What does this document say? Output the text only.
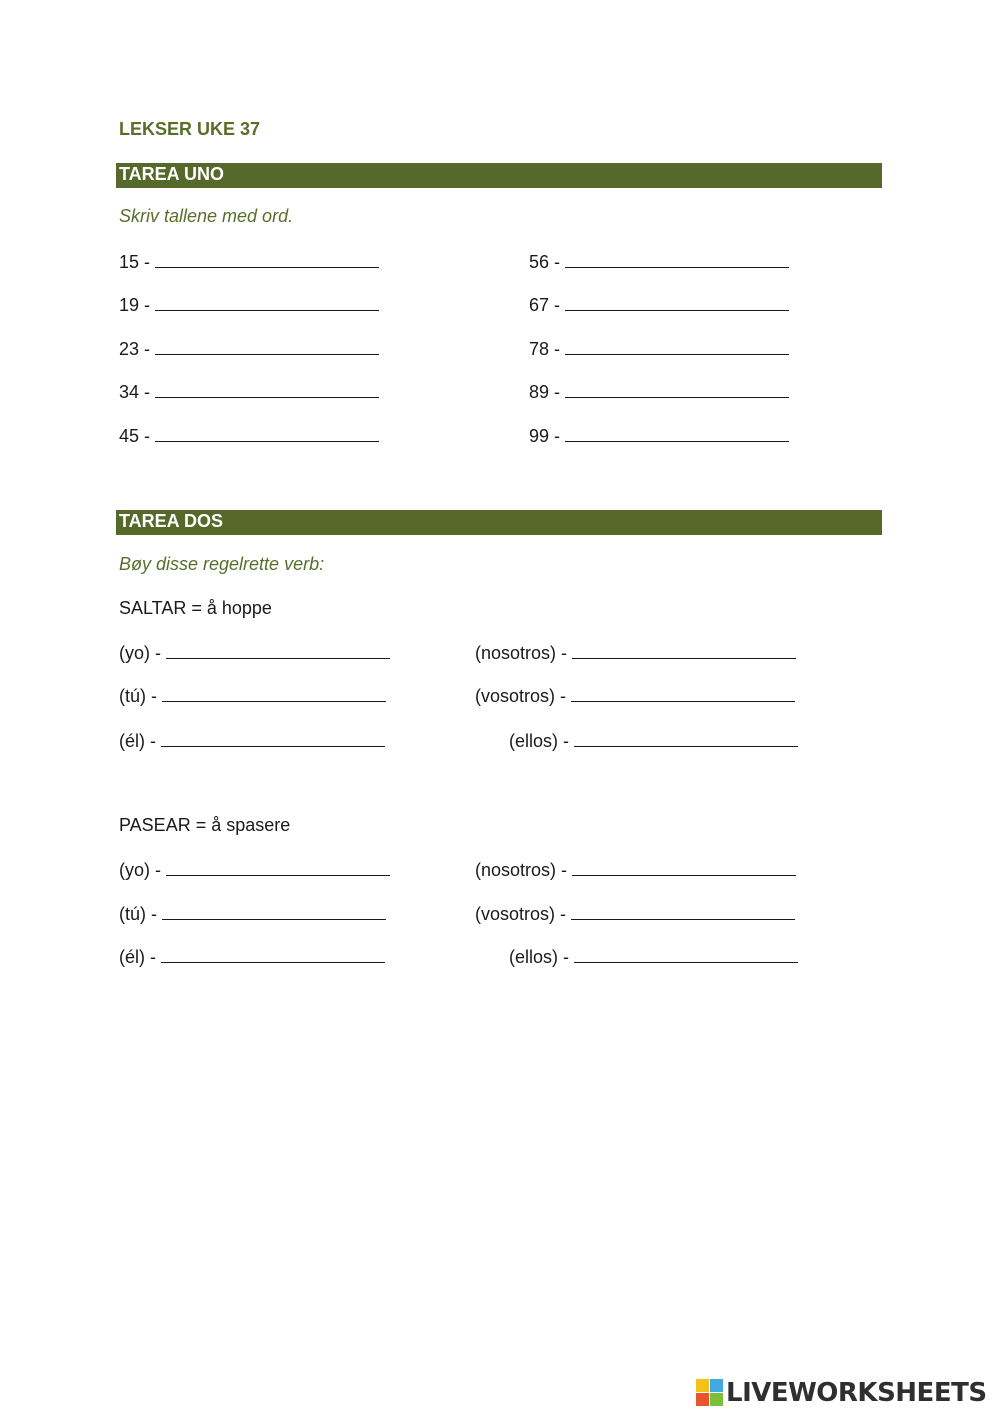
LEKSER UKE 37
TAREA UNO
Skriv tallene med ord.
15 -
19 -
23 -
34 -
45 -
56 -
67 -
78 -
89 -
99 -
TAREA DOS
Bøy disse regelrette verb:
SALTAR = å hoppe
(yo) -
(tú) -
(él) -
(nosotros) -
(vosotros) -
(ellos) -
PASEAR = å spasere
(yo) -
(tú) -
(él) -
(nosotros) -
(vosotros) -
(ellos) -
LIVEWORKSHEETS
